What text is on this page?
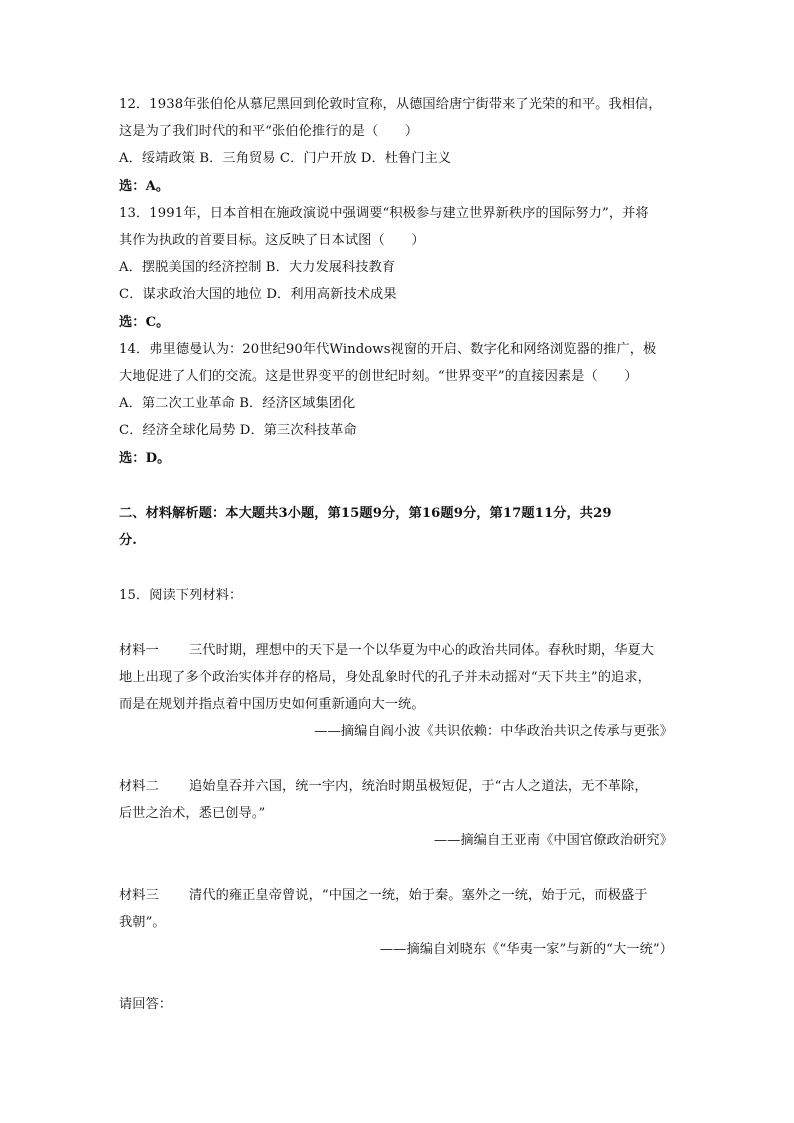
12．1938年张伯伦从慕尼黑回到伦敦时宣称，从德国给唐宁街带来了光荣的和平。我相信，
这是为了我们时代的和平“张伯伦推行的是（　　）
A．绥靖政策 B．三角贸易 C．门户开放 D．杜鲁门主义
选：A。
13．1991年，日本首相在施政演说中强调要“积极参与建立世界新秩序的国际努力”，并将
其作为执政的首要目标。这反映了日本试图（　　）
A．摆脱美国的经济控制 B．大力发展科技教育
C．谋求政治大国的地位 D．利用高新技术成果
选：C。
14．弗里德曼认为：20世纪90年代Windows视窗的开启、数字化和网络浏览器的推广，极
大地促进了人们的交流。这是世界变平的创世纪时刻。“世界变平”的直接因素是（　　）
A．第二次工业革命 B．经济区域集团化
C．经济全球化局势 D．第三次科技革命
选：D。
二、材料解析题：本大题共3小题，第15题9分，第16题9分，第17题11分，共29
分.
15．阅读下列材料：
材料一 三代时期，理想中的天下是一个以华夏为中心的政治共同体。春秋时期，华夏大
地上出现了多个政治实体并存的格局，身处乱象时代的孔子并未动摇对“天下共主”的追求，
而是在规划并指点着中国历史如何重新通向大一统。
——摘编自阎小波《共识依赖：中华政治共识之传承与更张》
材料二 追始皇吞并六国，统一宇内，统治时期虽极短促，于“古人之道法，无不革除，
后世之治术，悉已创导。”
——摘编自王亚南《中国官僚政治研究》
材料三 清代的雍正皇帝曾说，“中国之一统，始于秦。塞外之一统，始于元，而极盛于
我朝”。
——摘编自刘晓东《“华夷一家”与新的“大一统”）
请回答：
